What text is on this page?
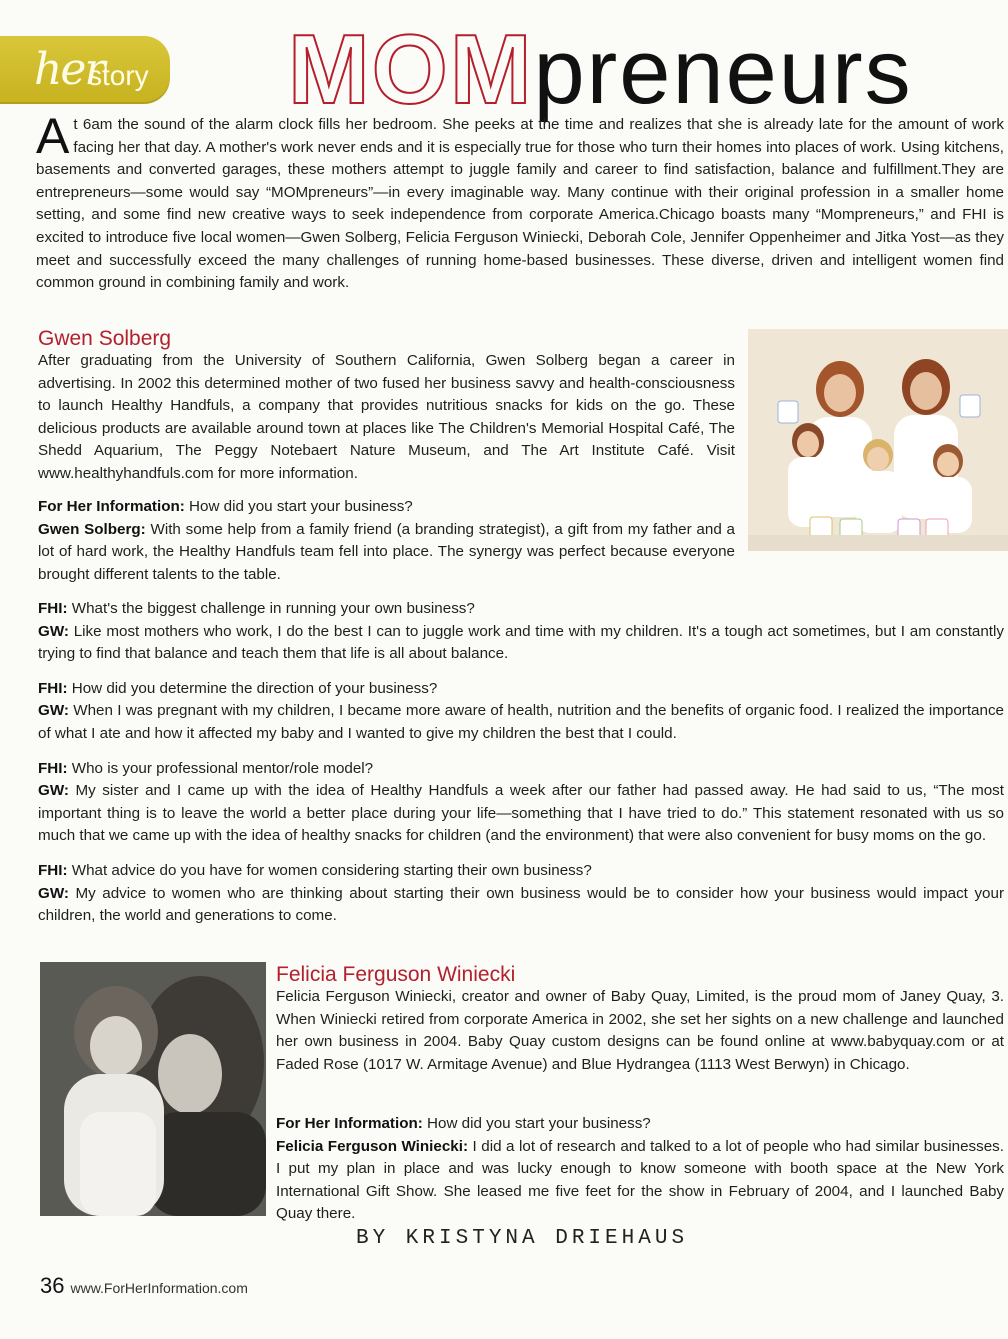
her
story MOMpreneurs
At 6am the sound of the alarm clock fills her bedroom. She peeks at the time and realizes that she is already late for the amount of work facing her that day. A mother's work never ends and it is especially true for those who turn their homes into places of work. Using kitchens, basements and converted garages, these mothers attempt to juggle family and career to find satisfaction, balance and fulfillment.They are entrepreneurs—some would say “MOMpreneurs”—in every imaginable way. Many continue with their original profession in a smaller home setting, and some find new creative ways to seek independence from corporate America.Chicago boasts many “Mompreneurs,” and FHI is excited to introduce five local women—Gwen Solberg, Felicia Ferguson Winiecki, Deborah Cole, Jennifer Oppenheimer and Jitka Yost—as they meet and successfully exceed the many challenges of running home-based businesses. These diverse, driven and intelligent women find common ground in combining family and work.
Gwen Solberg
After graduating from the University of Southern California, Gwen Solberg began a career in advertising. In 2002 this determined mother of two fused her business savvy and health-consciousness to launch Healthy Handfuls, a company that provides nutritious snacks for kids on the go. These delicious products are available around town at places like The Children's Memorial Hospital Café, The Shedd Aquarium, The Peggy Notebaert Nature Museum, and The Art Institute Café. Visit www.healthyhandfuls.com for more information.

For Her Information: How did you start your business?
Gwen Solberg: With some help from a family friend (a branding strategist), a gift from my father and a lot of hard work, the Healthy Handfuls team fell into place. The synergy was perfect because everyone brought different talents to the table.

FHI: What's the biggest challenge in running your own business?
GW: Like most mothers who work, I do the best I can to juggle work and time with my children. It's a tough act sometimes, but I am constantly trying to find that balance and teach them that life is all about balance.

FHI: How did you determine the direction of your business?
GW: When I was pregnant with my children, I became more aware of health, nutrition and the benefits of organic food. I realized the importance of what I ate and how it affected my baby and I wanted to give my children the best that I could.

FHI: Who is your professional mentor/role model?
GW: My sister and I came up with the idea of Healthy Handfuls a week after our father had passed away. He had said to us, “The most important thing is to leave the world a better place during your life—something that I have tried to do.” This statement resonated with us so much that we came up with the idea of healthy snacks for children (and the environment) that were also convenient for busy moms on the go.

FHI: What advice do you have for women considering starting their own business?
GW: My advice to women who are thinking about starting their own business would be to consider how your business would impact your children, the world and generations to come.

Felicia Ferguson Winiecki
Felicia Ferguson Winiecki, creator and owner of Baby Quay, Limited, is the proud mom of Janey Quay, 3. When Winiecki retired from corporate America in 2002, she set her sights on a new challenge and launched her own business in 2004. Baby Quay custom designs can be found online at www.babyquay.com or at Faded Rose (1017 W. Armitage Avenue) and Blue Hydrangea (1113 West Berwyn) in Chicago.

For Her Information: How did you start your business?
Felicia Ferguson Winiecki: I did a lot of research and talked to a lot of people who had similar businesses. I put my plan in place and was lucky enough to know someone with booth space at the New York International Gift Show. She leased me five feet for the show in February of 2004, and I launched Baby Quay there.

BY KRISTYNA DRIEHAUS
36 www.ForHerInformation.com
